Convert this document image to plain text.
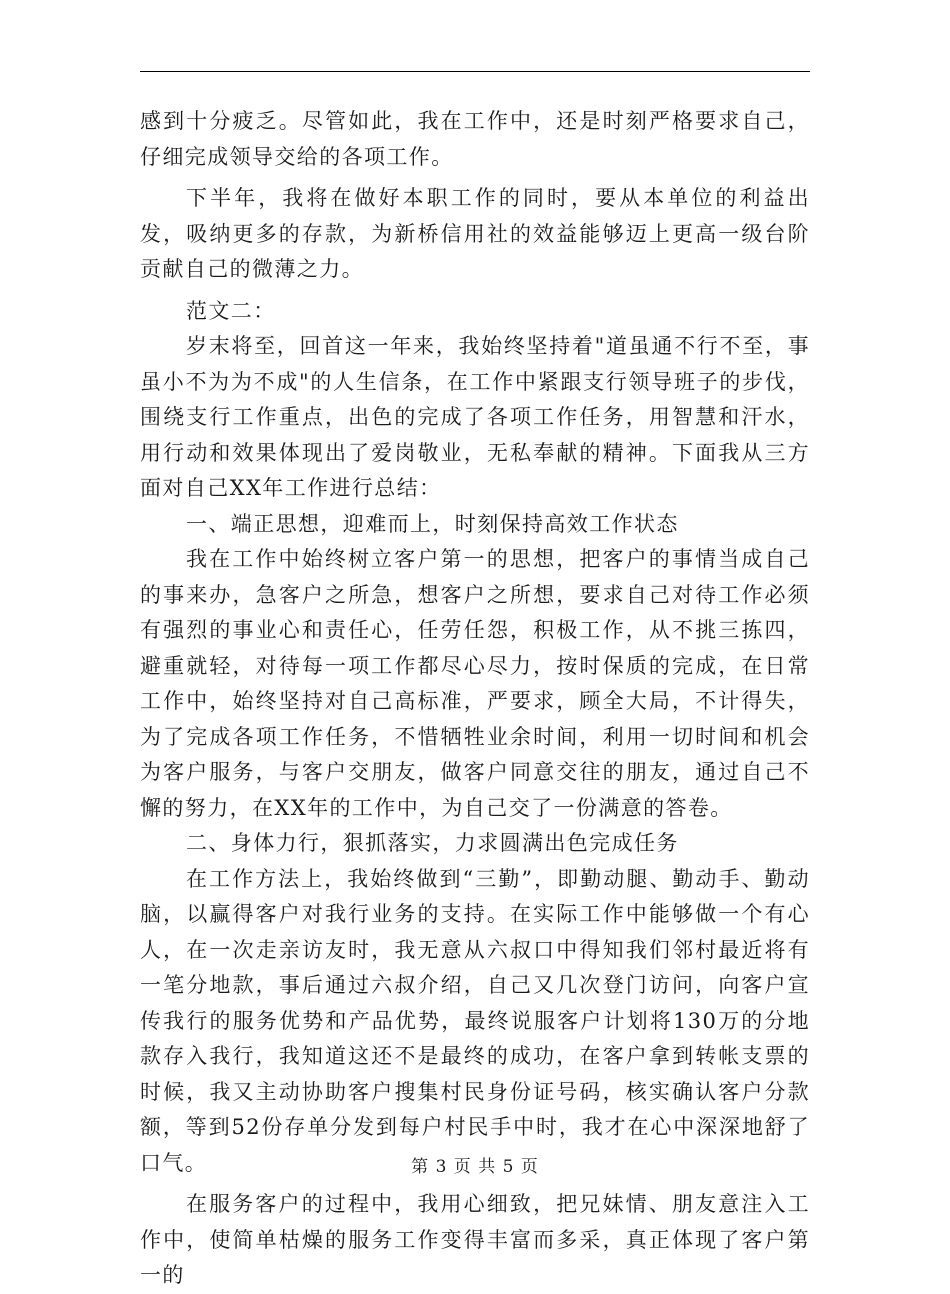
感到十分疲乏。尽管如此，我在工作中，还是时刻严格要求自己，仔细完成领导交给的各项工作。

下半年，我将在做好本职工作的同时，要从本单位的利益出发，吸纳更多的存款，为新桥信用社的效益能够迈上更高一级台阶贡献自己的微薄之力。

范文二：

岁末将至，回首这一年来，我始终坚持着"道虽通不行不至，事虽小不为为不成"的人生信条，在工作中紧跟支行领导班子的步伐，围绕支行工作重点，出色的完成了各项工作任务，用智慧和汗水，用行动和效果体现出了爱岗敬业，无私奉献的精神。下面我从三方面对自己XX年工作进行总结：

一、端正思想，迎难而上，时刻保持高效工作状态

我在工作中始终树立客户第一的思想，把客户的事情当成自己的事来办，急客户之所急，想客户之所想，要求自己对待工作必须有强烈的事业心和责任心，任劳任怨，积极工作，从不挑三拣四，避重就轻，对待每一项工作都尽心尽力，按时保质的完成，在日常工作中，始终坚持对自己高标准，严要求，顾全大局，不计得失，为了完成各项工作任务，不惜牺牲业余时间，利用一切时间和机会为客户服务，与客户交朋友，做客户同意交往的朋友，通过自己不懈的努力，在XX年的工作中，为自己交了一份满意的答卷。

二、身体力行，狠抓落实，力求圆满出色完成任务

在工作方法上，我始终做到“三勤”，即勤动腿、勤动手、勤动脑，以赢得客户对我行业务的支持。在实际工作中能够做一个有心人，在一次走亲访友时，我无意从六叔口中得知我们邻村最近将有一笔分地款，事后通过六叔介绍，自己又几次登门访问，向客户宣传我行的服务优势和产品优势，最终说服客户计划将130万的分地款存入我行，我知道这还不是最终的成功，在客户拿到转帐支票的时候，我又主动协助客户搜集村民身份证号码，核实确认客户分款额，等到52份存单分发到每户村民手中时，我才在心中深深地舒了口气。

在服务客户的过程中，我用心细致，把兄妹情、朋友意注入工作中，使简单枯燥的服务工作变得丰富而多采，真正体现了客户第一的

第 3 页 共 5 页
